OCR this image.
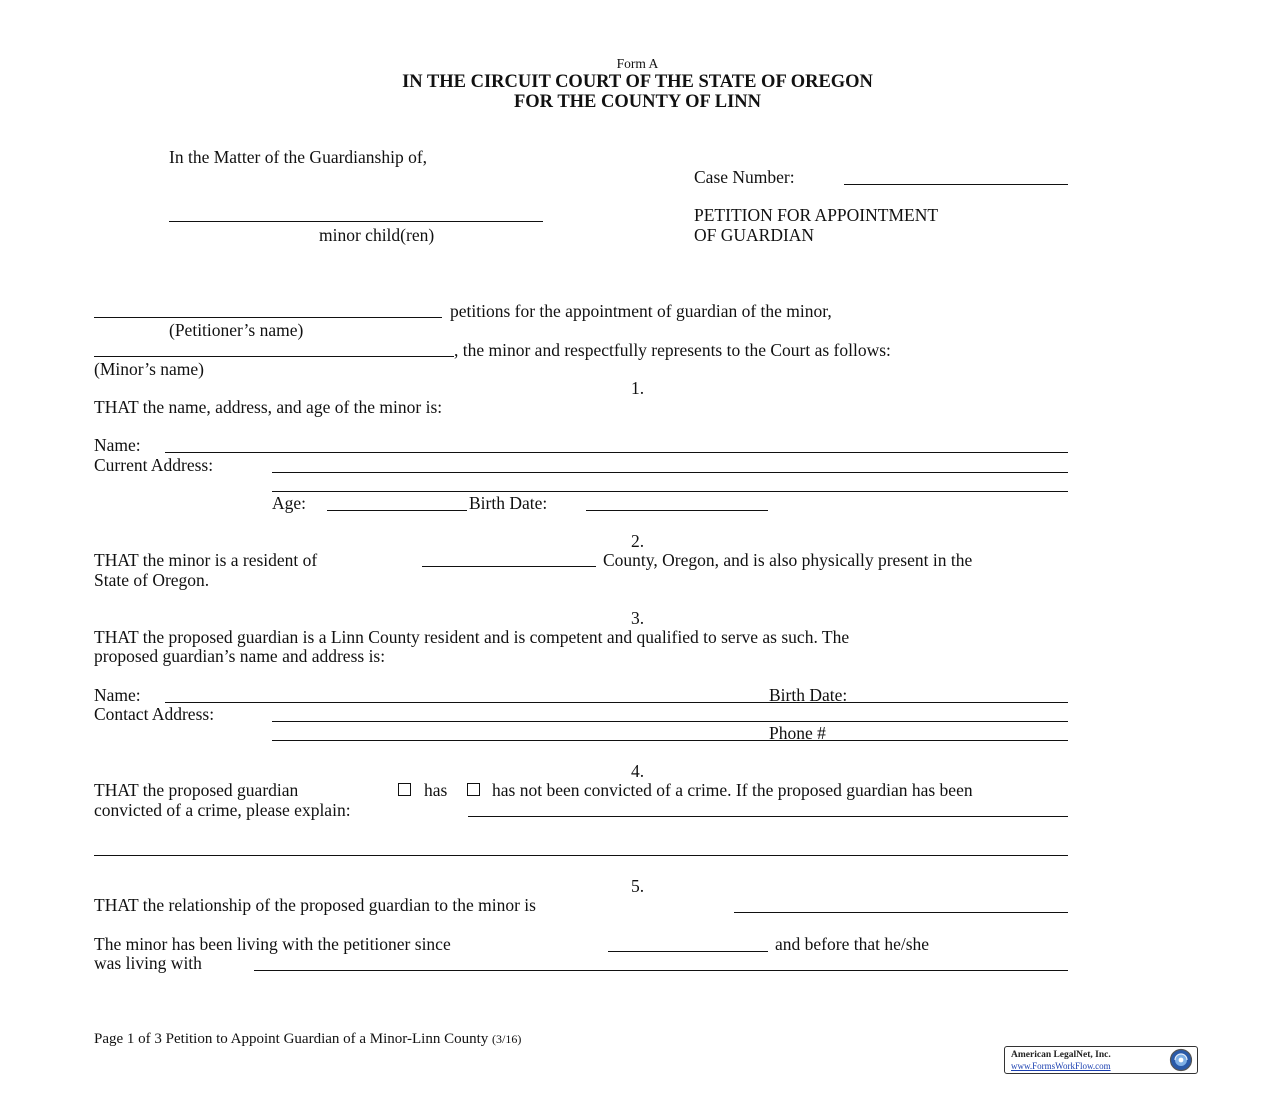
Form A
IN THE CIRCUIT COURT OF THE STATE OF OREGON
FOR THE COUNTY OF LINN
In the Matter of the Guardianship of,
Case Number:
minor child(ren)
PETITION FOR APPOINTMENT
OF GUARDIAN
petitions for the appointment of guardian of the minor,
(Petitioner’s name)
, the minor and respectfully represents to the Court as follows:
(Minor’s name)
1.
THAT the name, address, and age of the minor is:
Name:
Current Address:
Age:	Birth Date:
2.
THAT the minor is a resident of	County, Oregon, and is also physically present in the
State of Oregon.
3.
THAT the proposed guardian is a Linn County resident and is competent and qualified to serve as such. The
proposed guardian’s name and address is:
Name:	Birth Date:
Contact Address:
Phone #
4.
THAT the proposed guardian	has	has not been convicted of a crime. If the proposed guardian has been
convicted of a crime, please explain:
5.
THAT the relationship of the proposed guardian to the minor is
The minor has been living with the petitioner since	and before that he/she
was living with
Page 1 of 3 Petition to Appoint Guardian of a Minor-Linn County (3/16)
American LegalNet, Inc.
www.FormsWorkFlow.com
